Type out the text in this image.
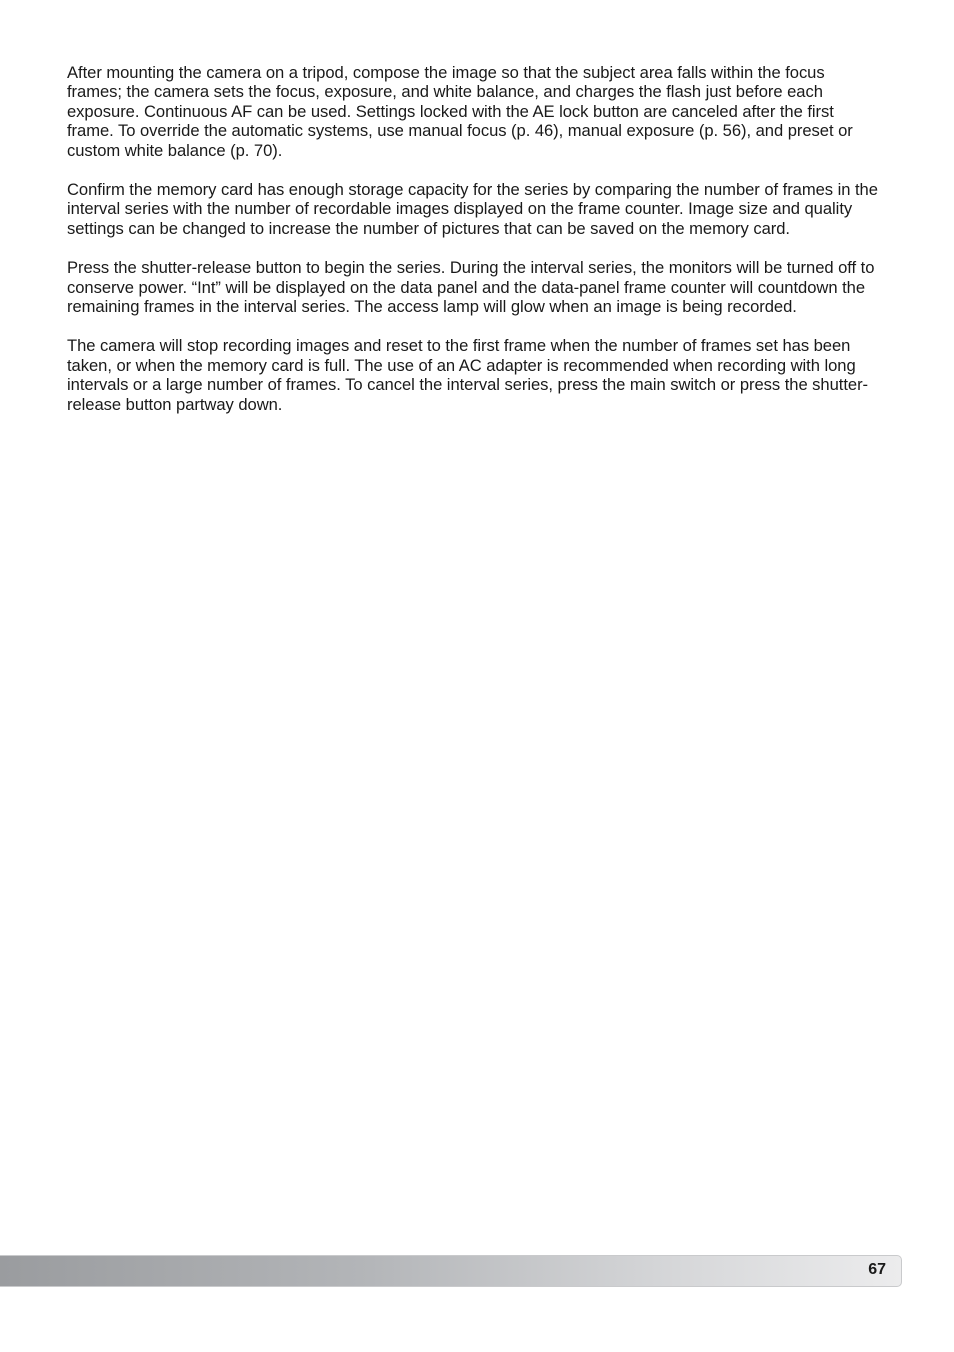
After mounting the camera on a tripod, compose the image so that the subject area falls within the focus frames; the camera sets the focus, exposure, and white balance, and charges the flash just before each exposure. Continuous AF can be used. Settings locked with the AE lock button are canceled after the first frame. To override the automatic systems, use manual focus (p. 46), manual exposure (p. 56), and preset or custom white balance (p. 70).

Confirm the memory card has enough storage capacity for the series by comparing the number of frames in the interval series with the number of recordable images displayed on the frame counter. Image size and quality settings can be changed to increase the number of pictures that can be saved on the memory card.

Press the shutter-release button to begin the series. During the interval series, the monitors will be turned off to conserve power. “Int” will be displayed on the data panel and the data-panel frame counter will countdown the remaining frames in the interval series. The access lamp will glow when an image is being recorded.

The camera will stop recording images and reset to the first frame when the number of frames set has been taken, or when the memory card is full. The use of an AC adapter is recommended when recording with long intervals or a large number of frames. To cancel the interval series, press the main switch or press the shutter-release button partway down.

67
